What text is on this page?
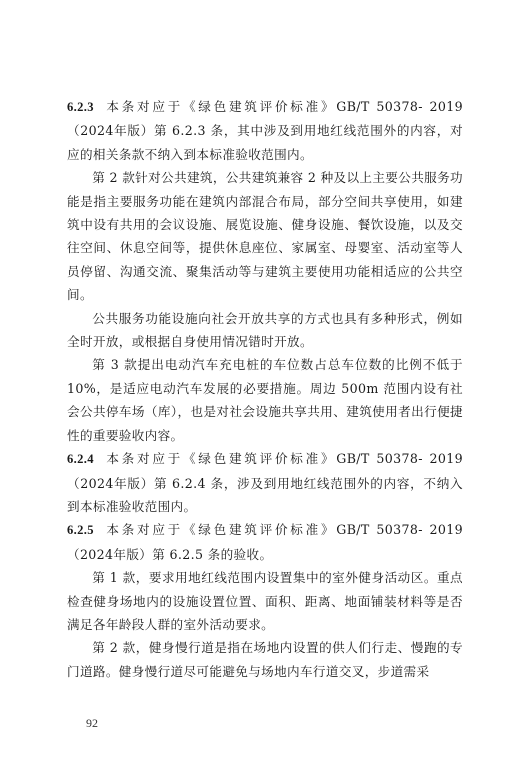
6.2.3 本条对应于《绿色建筑评价标准》GB/T 50378- 2019（2024年版）第 6.2.3 条，其中涉及到用地红线范围外的内容，对应的相关条款不纳入到本标准验收范围内。

第 2 款针对公共建筑，公共建筑兼容 2 种及以上主要公共服务功能是指主要服务功能在建筑内部混合布局，部分空间共享使用，如建筑中设有共用的会议设施、展览设施、健身设施、餐饮设施，以及交往空间、休息空间等，提供休息座位、家属室、母婴室、活动室等人员停留、沟通交流、聚集活动等与建筑主要使用功能相适应的公共空间。

公共服务功能设施向社会开放共享的方式也具有多种形式，例如全时开放，或根据自身使用情况错时开放。

第 3 款提出电动汽车充电桩的车位数占总车位数的比例不低于10%，是适应电动汽车发展的必要措施。周边 500m 范围内设有社会公共停车场（库），也是对社会设施共享共用、建筑使用者出行便捷性的重要验收内容。

6.2.4 本条对应于《绿色建筑评价标准》GB/T 50378- 2019（2024年版）第 6.2.4 条，涉及到用地红线范围外的内容，不纳入到本标准验收范围内。

6.2.5 本条对应于《绿色建筑评价标准》GB/T 50378- 2019（2024年版）第 6.2.5 条的验收。

第 1 款，要求用地红线范围内设置集中的室外健身活动区。重点检查健身场地内的设施设置位置、面积、距离、地面铺装材料等是否满足各年龄段人群的室外活动要求。

第 2 款，健身慢行道是指在场地内设置的供人们行走、慢跑的专门道路。健身慢行道尽可能避免与场地内车行道交叉，步道需采

92
